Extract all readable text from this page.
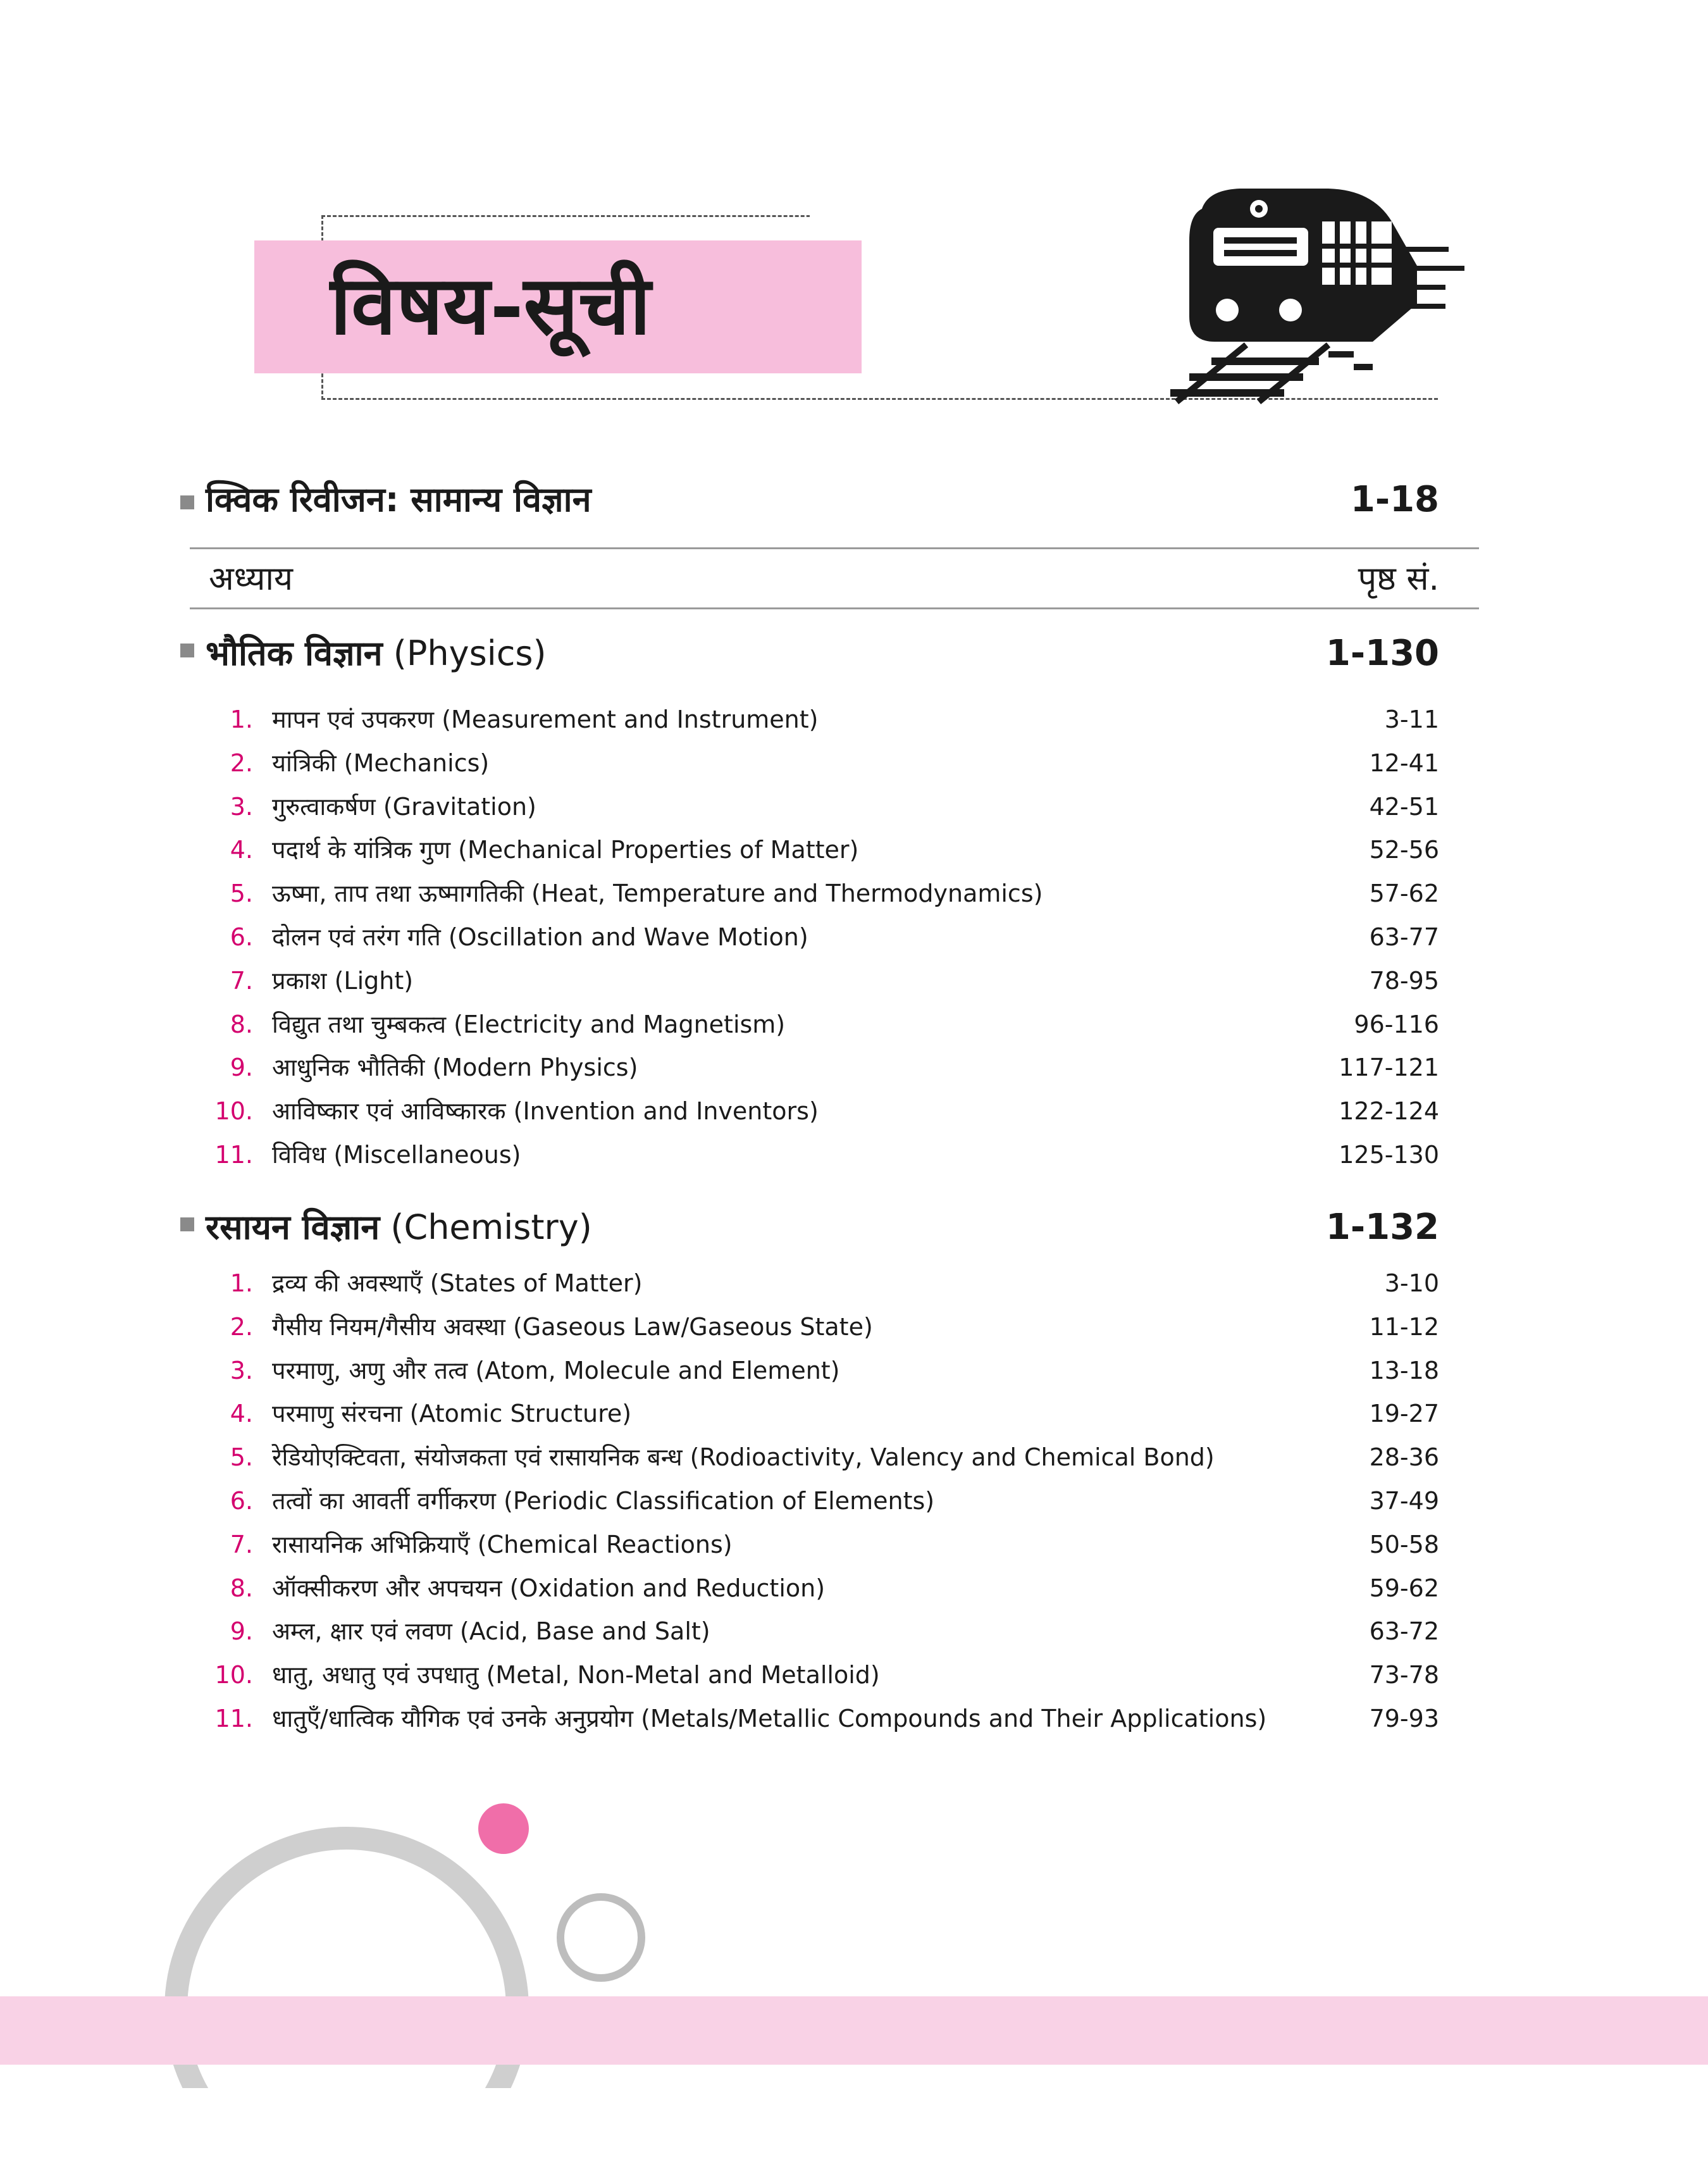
विषय-सूची
क्विक रिवीजन: सामान्य विज्ञान	1-18
अध्याय	पृष्ठ सं.
भौतिक विज्ञान (Physics)	1-130
1. मापन एवं उपकरण (Measurement and Instrument)	3-11
2. यांत्रिकी (Mechanics)	12-41
3. गुरुत्वाकर्षण (Gravitation)	42-51
4. पदार्थ के यांत्रिक गुण (Mechanical Properties of Matter)	52-56
5. ऊष्मा, ताप तथा ऊष्मागतिकी (Heat, Temperature and Thermodynamics)	57-62
6. दोलन एवं तरंग गति (Oscillation and Wave Motion)	63-77
7. प्रकाश (Light)	78-95
8. विद्युत तथा चुम्बकत्व (Electricity and Magnetism)	96-116
9. आधुनिक भौतिकी (Modern Physics)	117-121
10. आविष्कार एवं आविष्कारक (Invention and Inventors)	122-124
11. विविध (Miscellaneous)	125-130
रसायन विज्ञान (Chemistry)	1-132
1. द्रव्य की अवस्थाएँ (States of Matter)	3-10
2. गैसीय नियम/गैसीय अवस्था (Gaseous Law/Gaseous State)	11-12
3. परमाणु, अणु और तत्व (Atom, Molecule and Element)	13-18
4. परमाणु संरचना (Atomic Structure)	19-27
5. रेडियोएक्टिवता, संयोजकता एवं रासायनिक बन्ध (Rodioactivity, Valency and Chemical Bond)	28-36
6. तत्वों का आवर्ती वर्गीकरण (Periodic Classification of Elements)	37-49
7. रासायनिक अभिक्रियाएँ (Chemical Reactions)	50-58
8. ऑक्सीकरण और अपचयन (Oxidation and Reduction)	59-62
9. अम्ल, क्षार एवं लवण (Acid, Base and Salt)	63-72
10. धातु, अधातु एवं उपधातु (Metal, Non-Metal and Metalloid)	73-78
11. धातुएँ/धात्विक यौगिक एवं उनके अनुप्रयोग (Metals/Metallic Compounds and Their Applications)	79-93
